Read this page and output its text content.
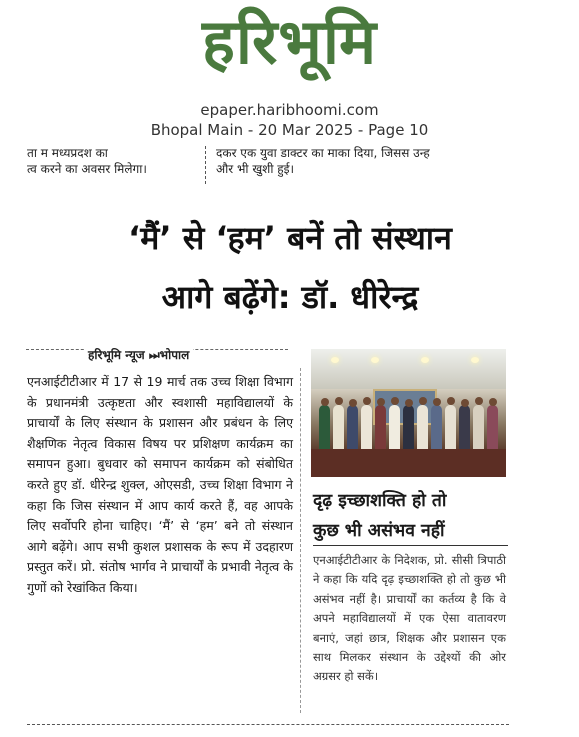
हरिभूमि
epaper.haribhoomi.com
Bhopal Main - 20 Mar 2025 - Page 10
ता म मध्यप्रदश का
त्व करने का अवसर मिलेगा।
दकर एक युवा डाक्टर का माका दिया, जिसस उन्ह
और भी खुशी हुई।
‘मैं’ से ‘हम’ बनें तो संस्थान
आगे बढ़ेंगे: डॉ. धीरेन्द्र
हरिभूमि न्यूज ⏭भोपाल
एनआईटीटीआर में 17 से 19 मार्च तक उच्च शिक्षा विभाग के प्रधानमंत्री उत्कृष्टता और स्वशासी महाविद्यालयों के प्राचार्यों के लिए संस्थान के प्रशासन और प्रबंधन के लिए शैक्षणिक नेतृत्व विकास विषय पर प्रशिक्षण कार्यक्रम का समापन हुआ। बुधवार को समापन कार्यक्रम को संबोधित करते हुए डॉ. धीरेन्द्र शुक्ल, ओएसडी, उच्च शिक्षा विभाग ने कहा कि जिस संस्थान में आप कार्य करते हैं, वह आपके लिए सर्वोपरि होना चाहिए। ‘मैं’ से ‘हम’ बने तो संस्थान आगे बढ़ेंगे। आप सभी कुशल प्रशासक के रूप में उदहारण प्रस्तुत करें। प्रो. संतोष भार्गव ने प्राचार्यों के प्रभावी नेतृत्व के गुणों को रेखांकित किया।
दृढ़ इच्छाशक्ति हो तो
कुछ भी असंभव नहीं
एनआईटीटीआर के निदेशक, प्रो. सीसी त्रिपाठी ने कहा कि यदि दृढ़ इच्छाशक्ति हो तो कुछ भी असंभव नहीं है। प्राचार्यों का कर्तव्य है कि वे अपने महाविद्यालयों में एक ऐसा वातावरण बनाएं, जहां छात्र, शिक्षक और प्रशासन एक साथ मिलकर संस्थान के उद्देश्यों की ओर अग्रसर हो सकें।
